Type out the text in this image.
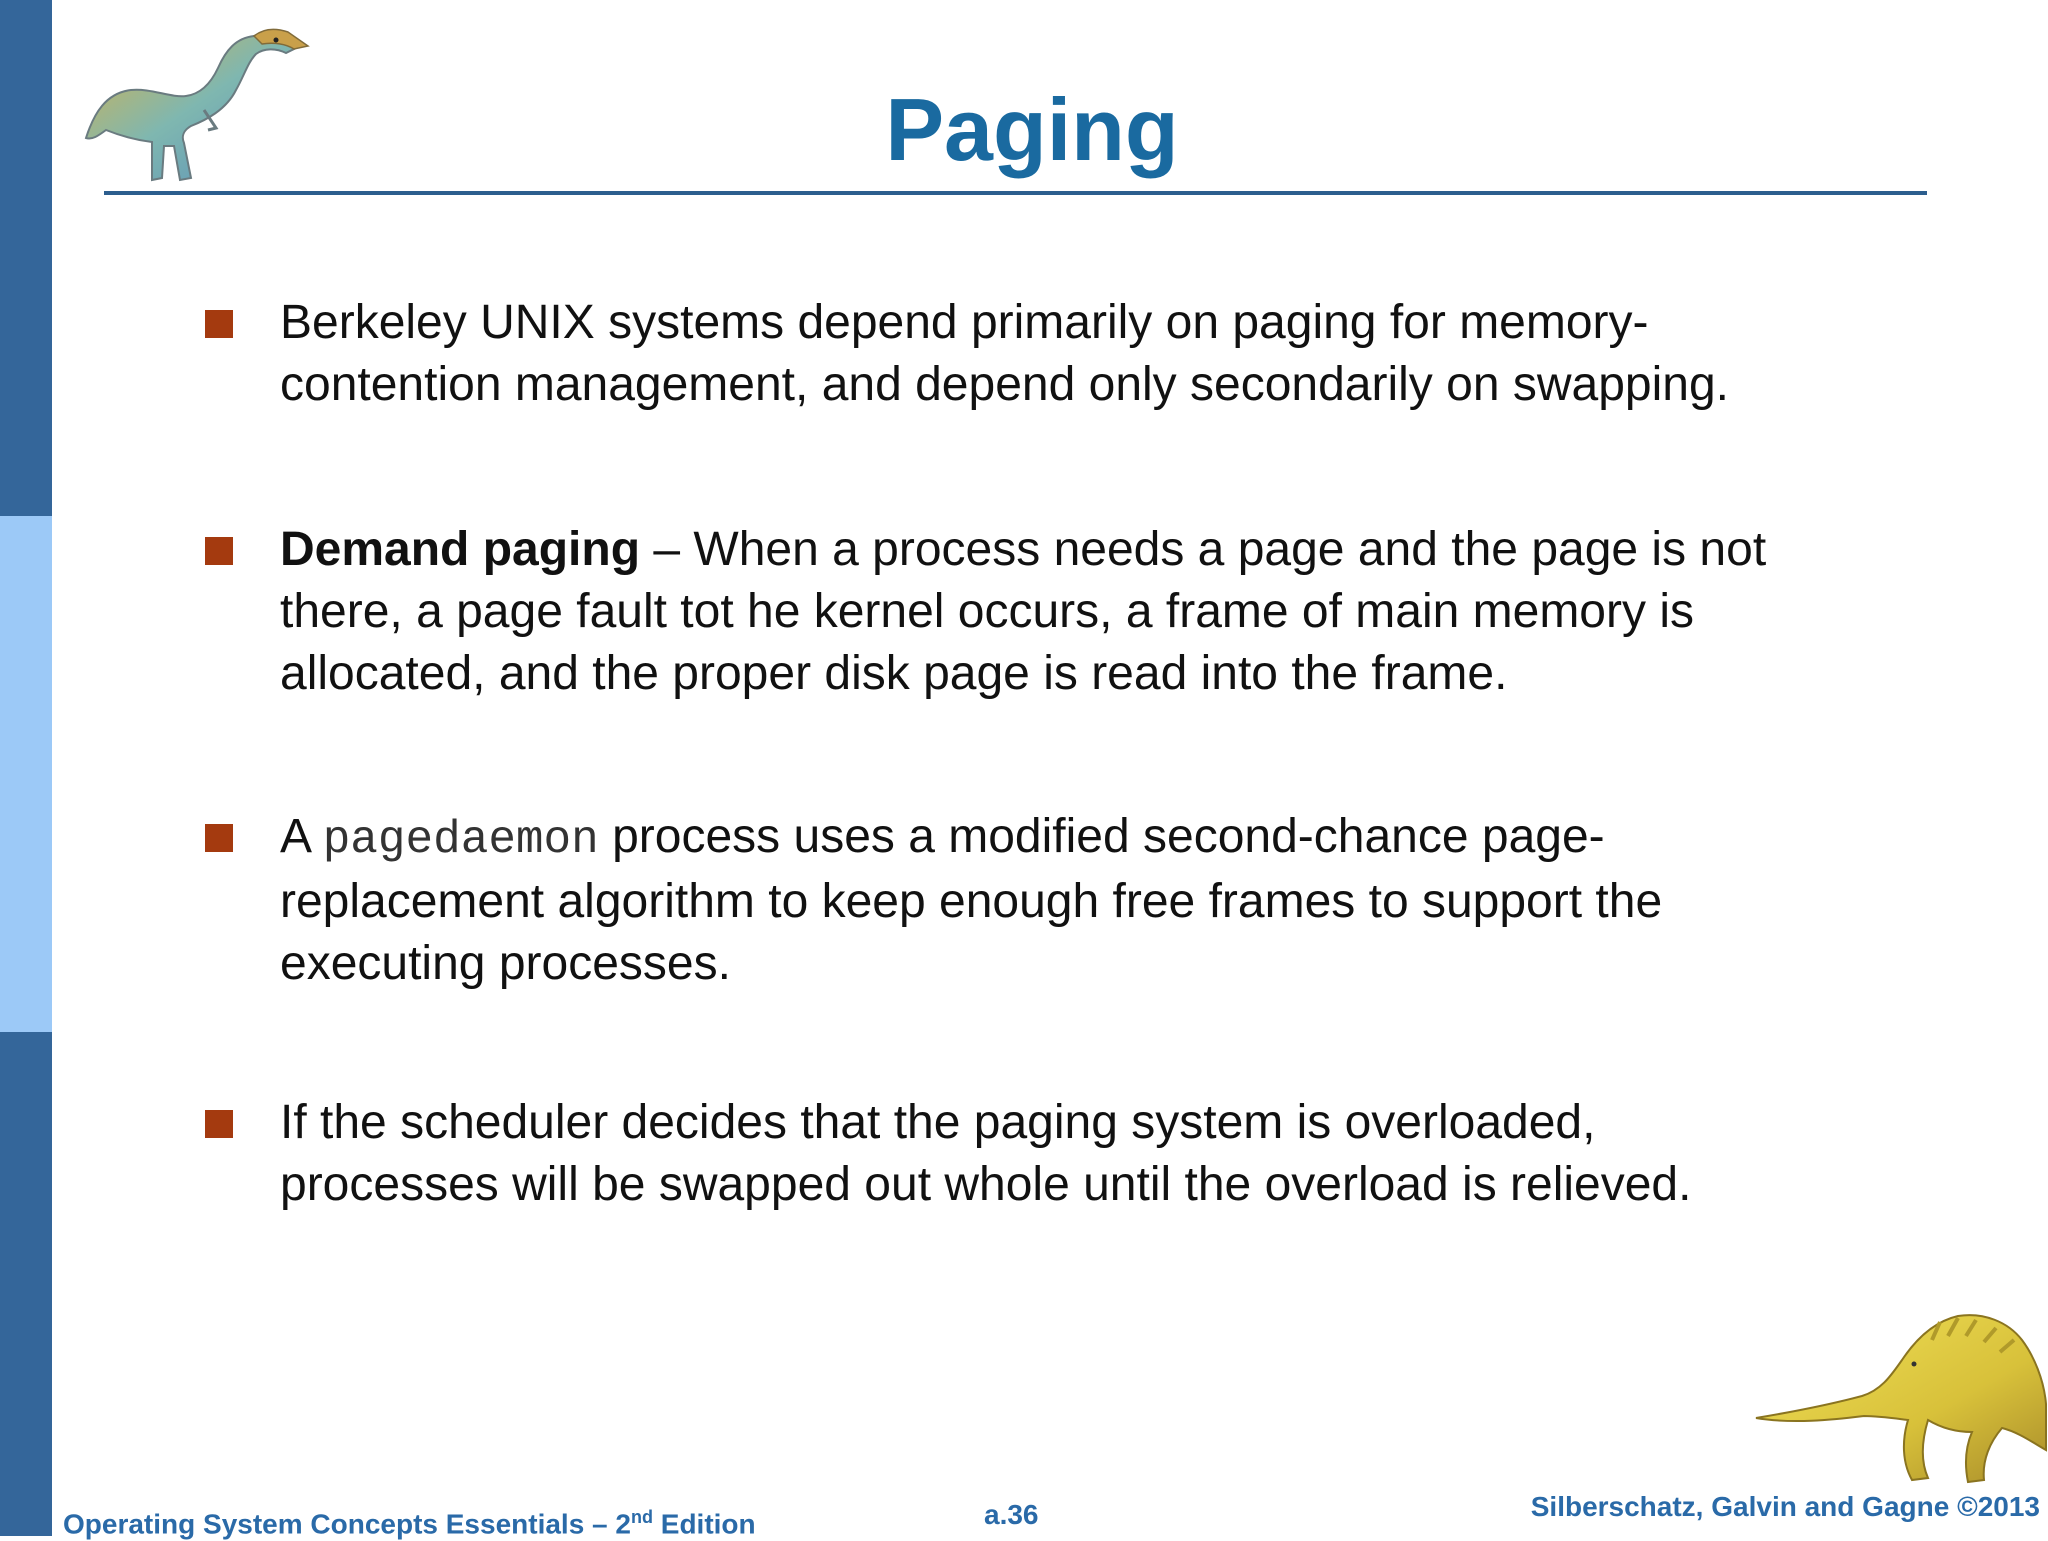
Paging
Berkeley UNIX systems depend primarily on paging for memory-
contention management, and depend only secondarily on swapping.
Demand paging – When a process needs a page and the page is not
there, a page fault tot he kernel occurs, a frame of main memory is
allocated, and the proper disk page is read into the frame.
A pagedaemon process uses a modified second-chance page-
replacement algorithm to keep enough free frames to support the
executing processes.
If the scheduler decides that the paging system is overloaded,
processes will be swapped out whole until the overload is relieved.
Operating System Concepts Essentials – 2nd Edition	a.36	Silberschatz, Galvin and Gagne ©2013
